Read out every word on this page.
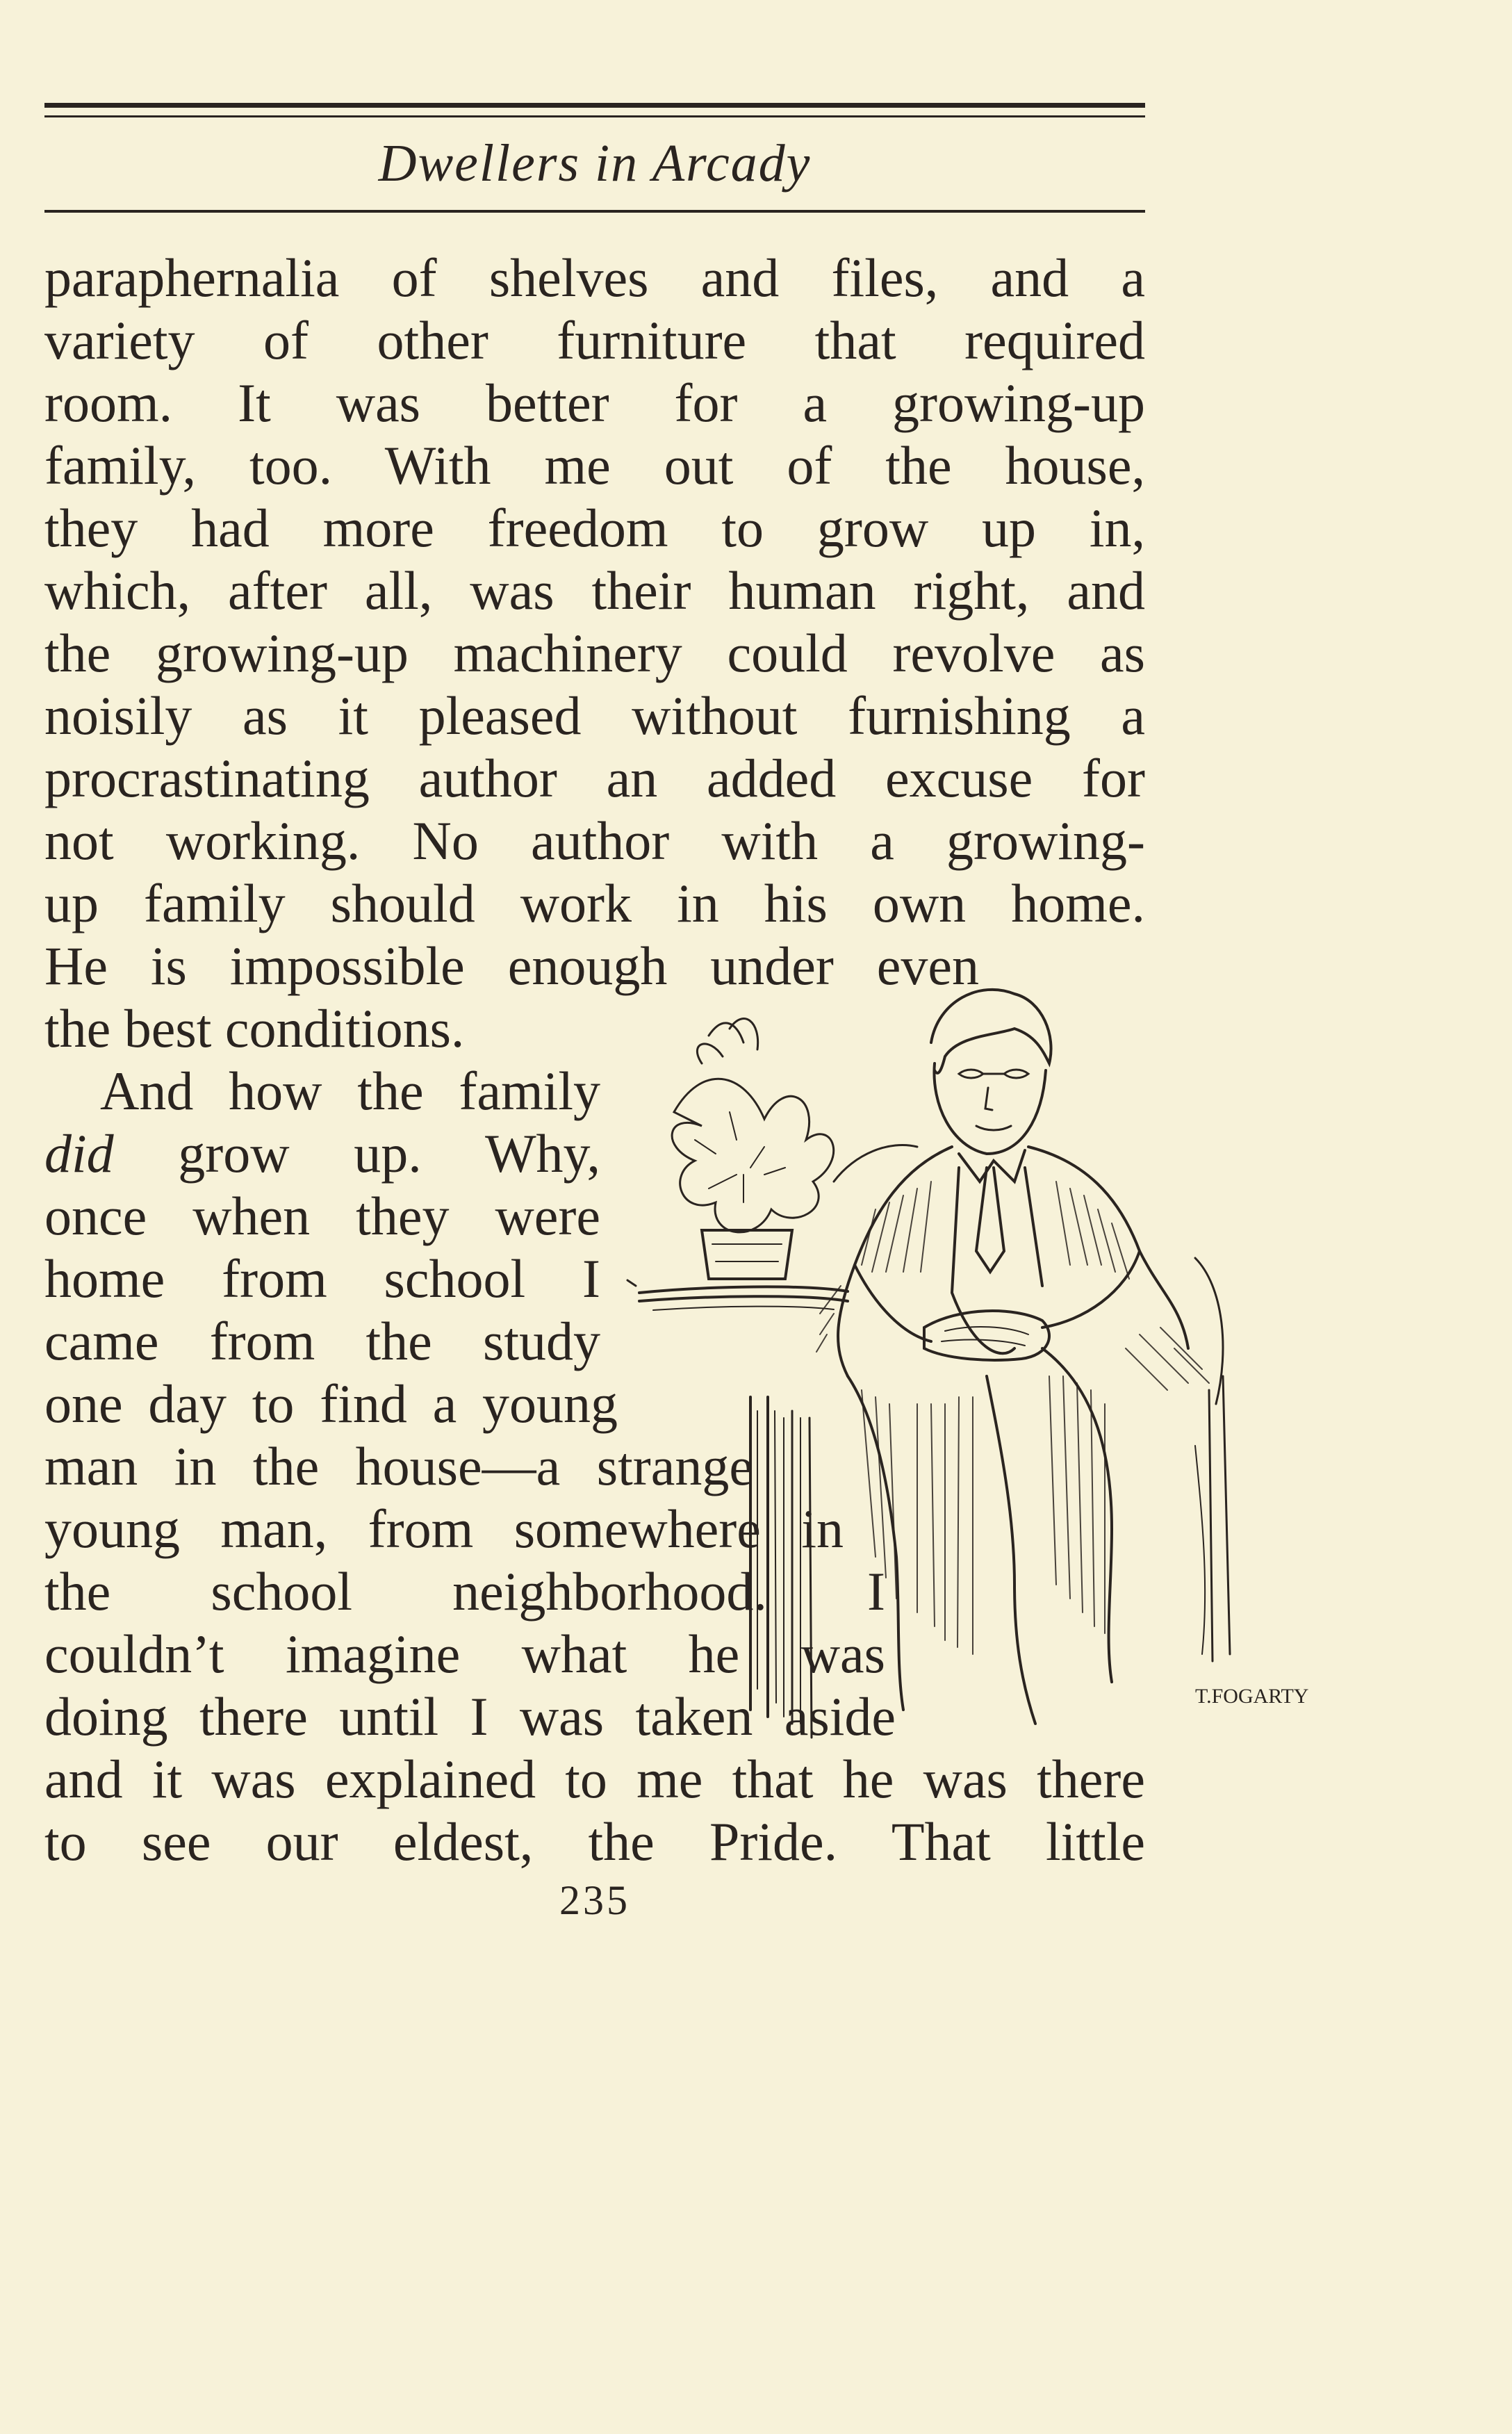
Dwellers in Arcady
paraphernalia of shelves and files, and a
variety of other furniture that required
room. It was better for a growing-up
family, too. With me out of the house,
they had more freedom to grow up in,
which, after all, was their human right, and
the growing-up machinery could revolve as
noisily as it pleased without furnishing a
procrastinating author an added excuse for
not working. No author with a growing-
up family should work in his own home.
He is impossible enough under even
the best conditions.
And how the family
did grow up. Why,
once when they were
home from school I
came from the study
one day to find a young
man in the house—a strange
young man, from somewhere in
the school neighborhood. I
couldn’t imagine what he was
doing there until I was taken aside
and it was explained to me that he was there
to see our eldest, the Pride. That little
T.FOGARTY
235
